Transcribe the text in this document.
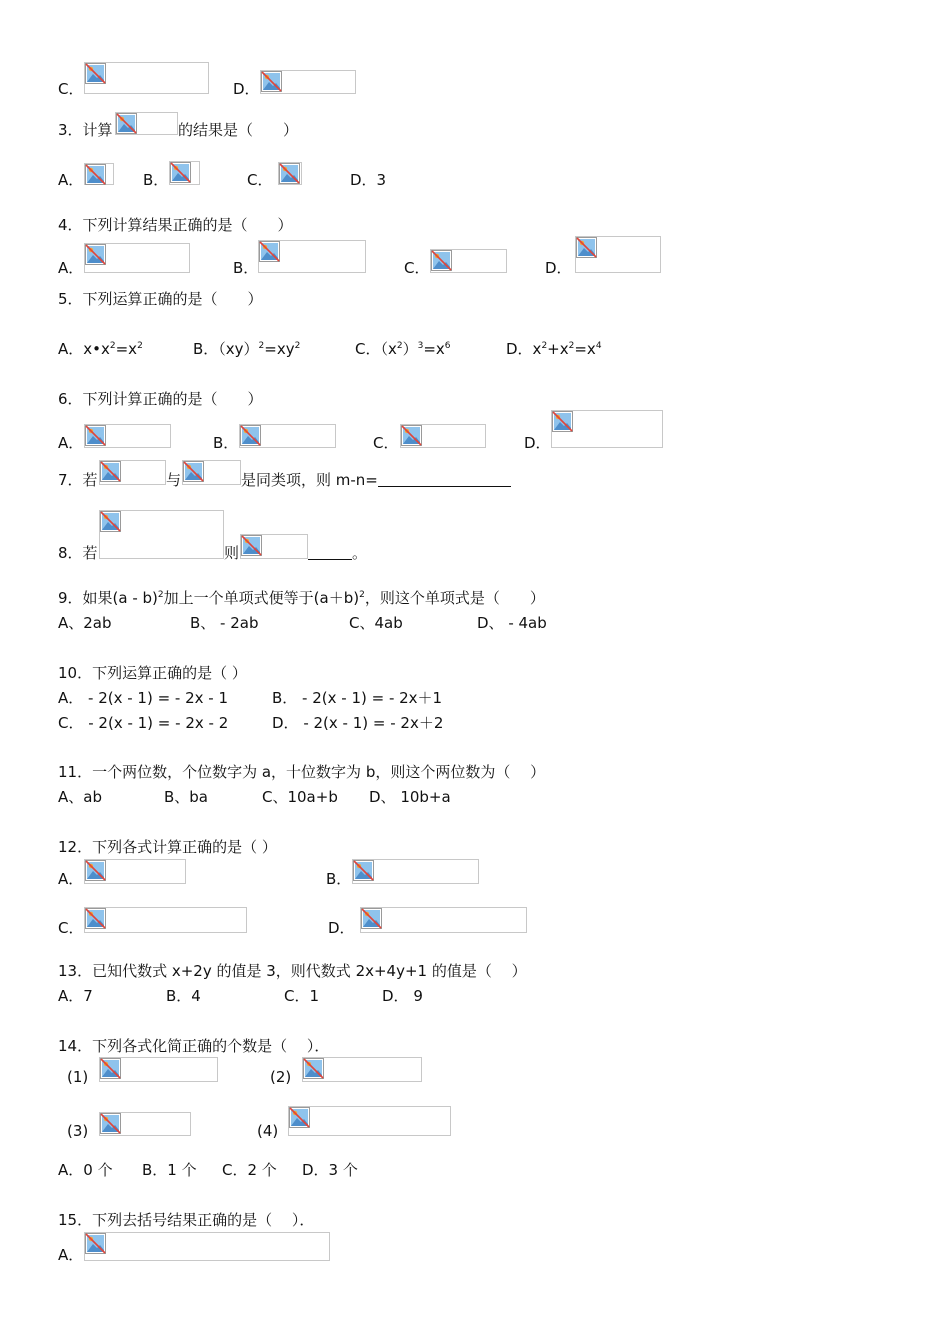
C．	D．
3．计算	的结果是（　　）
A．	B．	C．	D．3
4．下列计算结果正确的是（　　）
A．	B．	C．	D．
5．下列运算正确的是（　　）
A．$x•x^2=x^2$	B．$(xy)^2=xy^2$	C．$(x^2)^3=x^6$	D．$x^2+x^2=x^4$
6．下列计算正确的是（　　）
A．	B．	C．	D．
7．若	与	是同类项，则 m-n=
8．若	则	。
9．如果(a - b)$^2$加上一个单项式便等于$(a+b)^2$，则这个单项式是（　　）
A、2ab	B、 - 2ab	C、4ab	D、 - 4ab
10．下列运算正确的是（ ）
A． - 2(x - 1) = - 2x - 1	B． - 2(x - 1) = - 2x＋1
C． - 2(x - 1) = - 2x - 2	D． - 2(x - 1) = - 2x＋2
11．一个两位数，个位数字为 a，十位数字为 b，则这个两位数为（　 ）
A、ab	B、ba	C、10a+b D、 10b+a
12．下列各式计算正确的是（ ）
A．	B．
C．	D．
13．已知代数式 x+2y 的值是 3，则代数式 2x+4y+1 的值是（　 ）
A．7	B．4	C．1	D． 9
14．下列各式化简正确的个数是（　 ）．
(1)	(2)
(3)	(4)
A．0 个 B．1 个 C．2 个 D．3 个
15．下列去括号结果正确的是（　 ）．
A．
